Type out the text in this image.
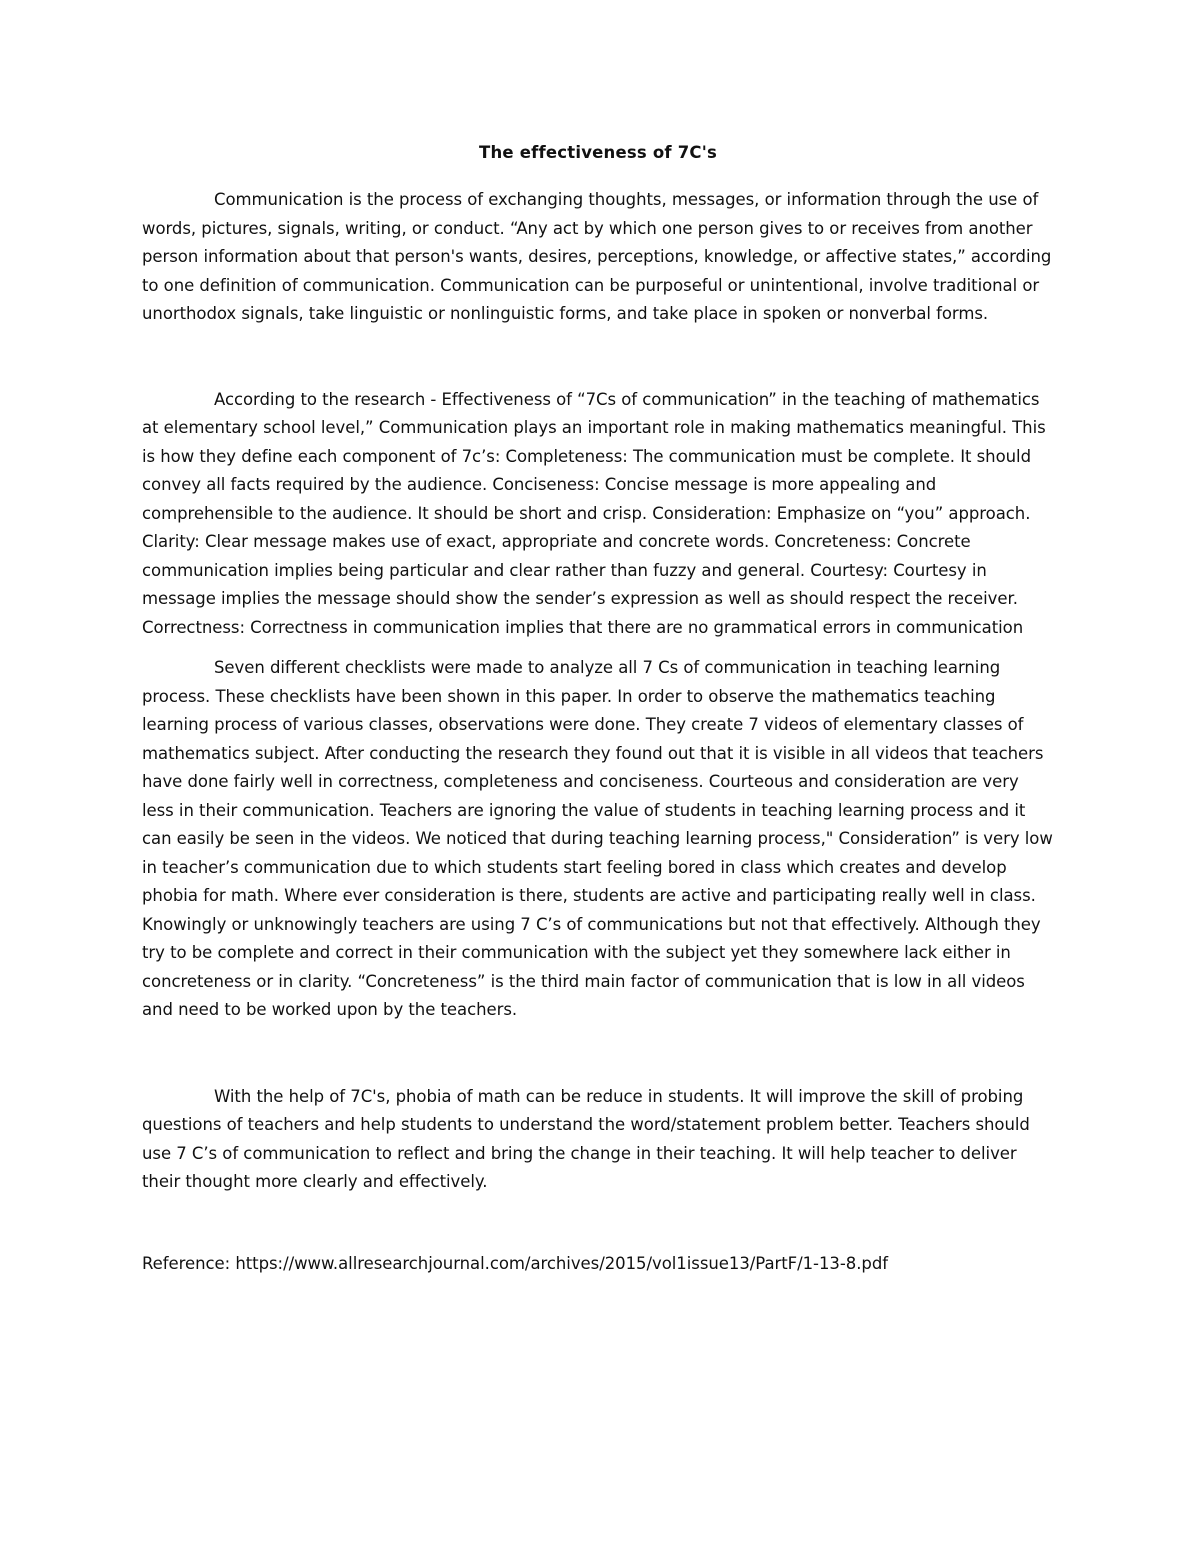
The effectiveness of 7C's

Communication is the process of exchanging thoughts, messages, or information through the use of words, pictures, signals, writing, or conduct. “Any act by which one person gives to or receives from another person information about that person's wants, desires, perceptions, knowledge, or affective states,” according to one definition of communication. Communication can be purposeful or unintentional, involve traditional or unorthodox signals, take linguistic or nonlinguistic forms, and take place in spoken or nonverbal forms.

According to the research - Effectiveness of “7Cs of communication” in the teaching of mathematics at elementary school level,” Communication plays an important role in making mathematics meaningful. This is how they define each component of 7c’s: Completeness: The communication must be complete. It should convey all facts required by the audience. Conciseness: Concise message is more appealing and comprehensible to the audience. It should be short and crisp. Consideration: Emphasize on “you” approach. Clarity: Clear message makes use of exact, appropriate and concrete words. Concreteness: Concrete communication implies being particular and clear rather than fuzzy and general. Courtesy: Courtesy in message implies the message should show the sender’s expression as well as should respect the receiver. Correctness: Correctness in communication implies that there are no grammatical errors in communication

Seven different checklists were made to analyze all 7 Cs of communication in teaching learning process. These checklists have been shown in this paper. In order to observe the mathematics teaching learning process of various classes, observations were done. They create 7 videos of elementary classes of mathematics subject. After conducting the research they found out that it is visible in all videos that teachers have done fairly well in correctness, completeness and conciseness. Courteous and consideration are very less in their communication. Teachers are ignoring the value of students in teaching learning process and it can easily be seen in the videos. We noticed that during teaching learning process," Consideration” is very low in teacher’s communication due to which students start feeling bored in class which creates and develop phobia for math. Where ever consideration is there, students are active and participating really well in class. Knowingly or unknowingly teachers are using 7 C’s of communications but not that effectively. Although they try to be complete and correct in their communication with the subject yet they somewhere lack either in concreteness or in clarity. “Concreteness” is the third main factor of communication that is low in all videos and need to be worked upon by the teachers.

With the help of 7C's, phobia of math can be reduce in students. It will improve the skill of probing questions of teachers and help students to understand the word/statement problem better. Teachers should use 7 C’s of communication to reflect and bring the change in their teaching. It will help teacher to deliver their thought more clearly and effectively.

Reference: https://www.allresearchjournal.com/archives/2015/vol1issue13/PartF/1-13-8.pdf
